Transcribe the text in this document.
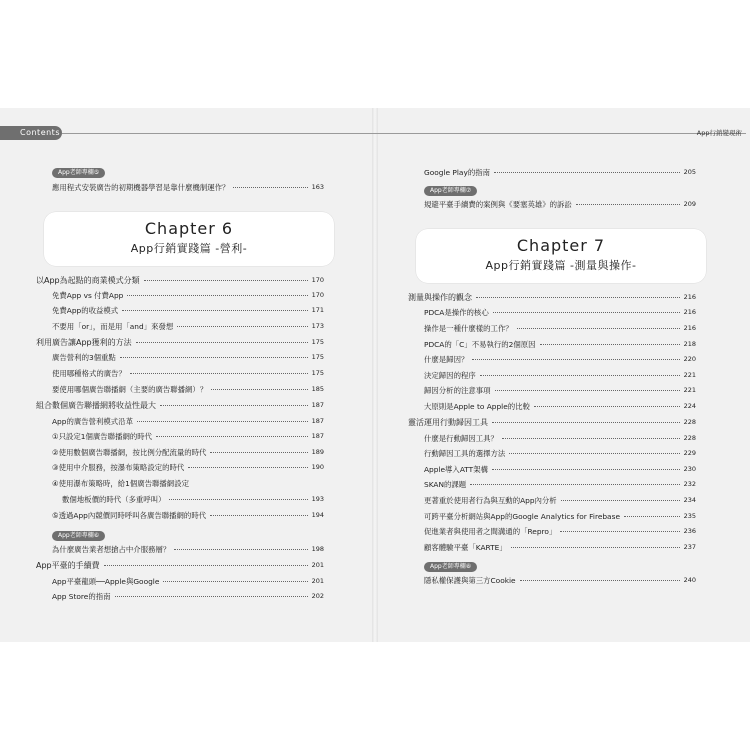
Contents	App行銷變現術
App老師專欄⑤
應用程式安裝廣告的初期機器學習是靠什麼機制運作？	163
Chapter 6
App行銷實踐篇 -營利-
以App為起點的商業模式分類	170
免費App vs 付費App	170
免費App的收益模式	171
不要用「or」，而是用「and」來發想	173
利用廣告讓App獲利的方法	175
廣告營利的3個重點	175
使用哪種格式的廣告？	175
要使用哪個廣告聯播網（主要的廣告聯播網）？	185
組合數個廣告聯播網將收益性最大	187
App的廣告營利模式沿革	187
①只設定1個廣告聯播網的時代	187
②使用數個廣告聯播網，按比例分配流量的時代	189
③使用中介服務，按瀑布策略設定的時代	190
④使用瀑布策略時，給1個廣告聯播網設定
數個地板價的時代（多重呼叫）	193
⑤透過App內競價同時呼叫各廣告聯播網的時代	194
App老師專欄⑥
為什麼廣告業者想搶占中介服務層？	198
App平臺的手續費	201
App平臺龍頭──Apple與Google	201
App Store的指南	202
Google Play的指南	205
App老師專欄⑦
規避平臺手續費的案例與《要塞英雄》的訴訟	209
Chapter 7
App行銷實踐篇 -測量與操作-
測量與操作的觀念	216
PDCA是操作的核心	216
操作是一種什麼樣的工作？	216
PDCA的「C」不易執行的2個原因	218
什麼是歸因？	220
決定歸因的程序	221
歸因分析的注意事項	221
大原則是Apple to Apple的比較	224
靈活運用行動歸因工具	228
什麼是行動歸因工具？	228
行動歸因工具的選擇方法	229
Apple導入ATT架構	230
SKAN的課題	232
更著重於使用者行為與互動的App內分析	234
可跨平臺分析網站與App的Google Analytics for Firebase	235
促進業者與使用者之間溝通的「Repro」	236
顧客體驗平臺「KARTE」	237
App老師專欄⑧
隱私權保護與第三方Cookie	240
